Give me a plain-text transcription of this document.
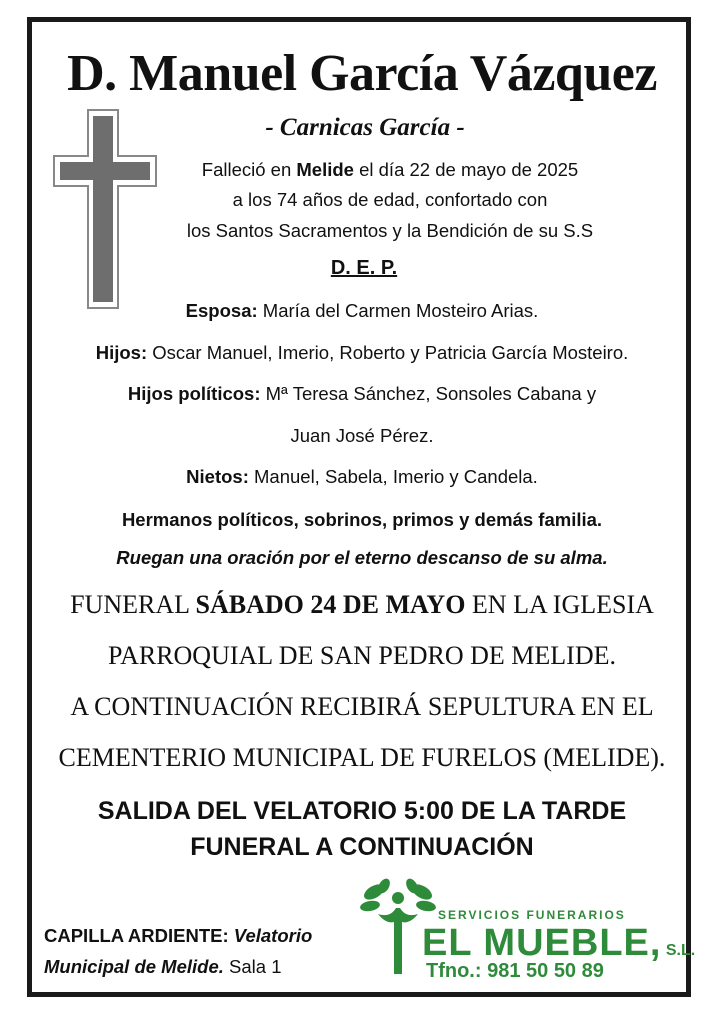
D. Manuel García Vázquez
- Carnicas García -
Falleció en Melide el día 22 de mayo de 2025
a los 74 años de edad, confortado con
los Santos Sacramentos y la Bendición de su S.S
D. E. P.
Esposa: María del Carmen Mosteiro Arias.
Hijos: Oscar Manuel, Imerio, Roberto y Patricia García Mosteiro.
Hijos políticos: Mª Teresa Sánchez, Sonsoles Cabana y
Juan José Pérez.
Nietos: Manuel, Sabela, Imerio y Candela.
Hermanos políticos, sobrinos, primos y demás familia.
Ruegan una oración por el eterno descanso de su alma.
FUNERAL SÁBADO 24 DE MAYO EN LA IGLESIA
PARROQUIAL DE SAN PEDRO DE MELIDE.
A CONTINUACIÓN RECIBIRÁ SEPULTURA EN EL
CEMENTERIO MUNICIPAL DE FURELOS (MELIDE).
SALIDA DEL VELATORIO 5:00 DE LA TARDE
FUNERAL A CONTINUACIÓN
CAPILLA ARDIENTE: Velatorio
Municipal de Melide. Sala 1
SERVICIOS FUNERARIOS
EL MUEBLE, S.L.
Tfno.: 981 50 50 89
